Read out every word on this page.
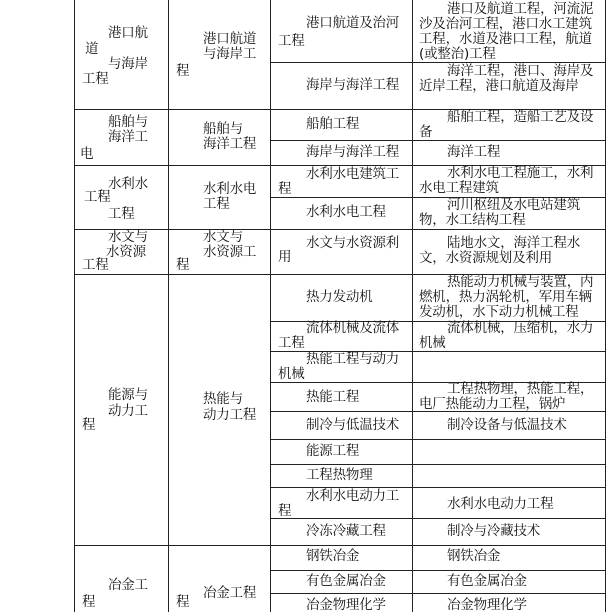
道
工程
电
工程
工程
程
程
港口航
与海岸
船舶与
海洋工
水利水
工程
水文与
水资源
能源与
动力工
冶金工
程
程
港口航道
与海岸工
船舶与
海洋工程
水利水电
工程
水文与
水资源工
热能与
动力工程
冶金工程
程
港口航道及治河
工程
海岸与海洋工程
船舶工程
海岸与海洋工程
水利水电建筑工
程
水利水电工程
用
水文与水资源利
热力发动机
流体机械及流体
工程
热能工程与动力
机械
热能工程
制冷与低温技术
能源工程
工程热物理
水利水电动力工
程
冷冻冷藏工程
钢铁冶金
有色金属冶金
冶金物理化学
港口及航道工程，河流泥
沙及治河工程，港口水工建筑
工程，水道及港口工程，航道
(或整治)工程
海洋工程，港口、海岸及
近岸工程，港口航道及海岸
船舶工程，造船工艺及设
备
海洋工程
水利水电工程施工，水利
水电工程建筑
河川枢纽及水电站建筑
物，水工结构工程
陆地水文，海洋工程水
文，水资源规划及利用
热能动力机械与装置，内
燃机，热力涡轮机，军用车辆
发动机，水下动力机械工程
流体机械，压缩机，水力
机械
工程热物理，热能工程，
电厂热能动力工程，锅炉
制冷设备与低温技术
水利水电动力工程
制冷与冷藏技术
钢铁冶金
有色金属冶金
冶金物理化学
